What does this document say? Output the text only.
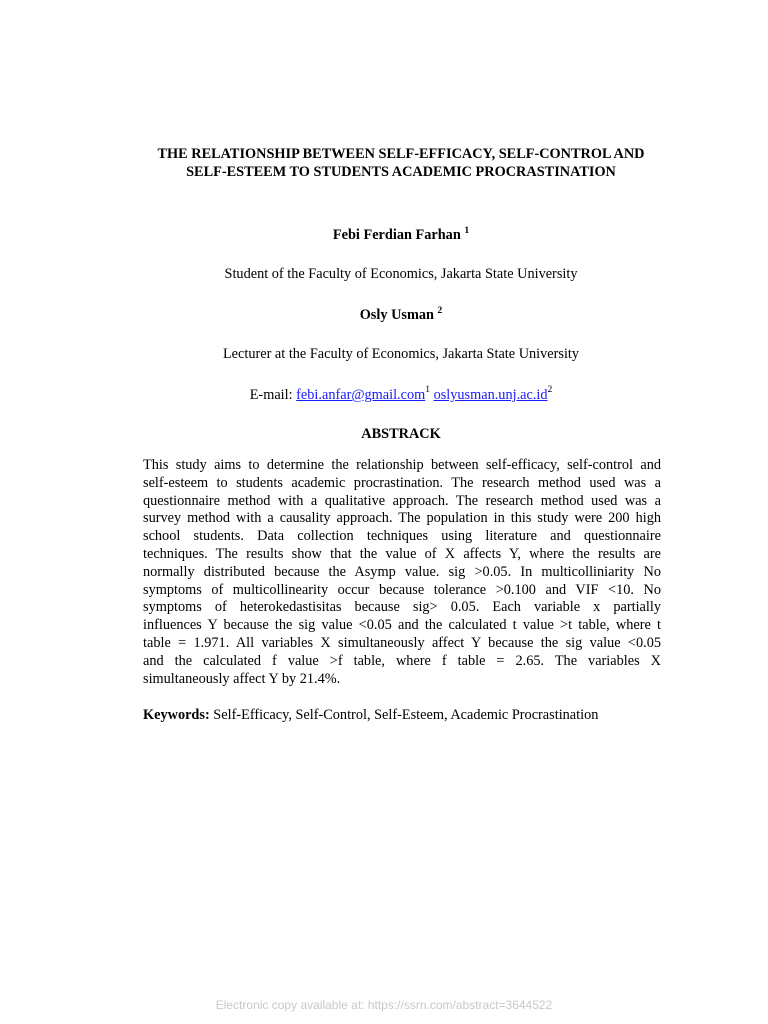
THE RELATIONSHIP BETWEEN SELF-EFFICACY, SELF-CONTROL AND
SELF-ESTEEM TO STUDENTS ACADEMIC PROCRASTINATION
Febi Ferdian Farhan $^1$
Student of the Faculty of Economics, Jakarta State University
Osly Usman $^2$
Lecturer at the Faculty of Economics, Jakarta State University
E-mail: febi.anfar@gmail.com$^1$ $oslyusman.unj.ac.id^2$
ABSTRACK
This study aims to determine the relationship between self-efficacy, self-control and
self-esteem to students academic procrastination. The research method used was a
questionnaire method with a qualitative approach. The research method used was a
survey method with a causality approach. The population in this study were 200 high
school students. Data collection techniques using literature and questionnaire
techniques. The results show that the value of X affects Y, where the results are
normally distributed because the Asymp value. sig >0.05. In multicolliniarity No
symptoms of multicollinearity occur because tolerance >0.100 and VIF <10. No
symptoms of heterokedastisitas because sig> 0.05. Each variable x partially
influences Y because the sig value <0.05 and the calculated t value >t table, where t
table = 1.971. All variables X simultaneously affect Y because the sig value <0.05
and the calculated f value >f table, where f table = 2.65. The variables X
simultaneously affect Y by 21.4%.
Keywords: Self-Efficacy, Self-Control, Self-Esteem, Academic Procrastination
Electronic copy available at: https://ssrn.com/abstract=3644522
